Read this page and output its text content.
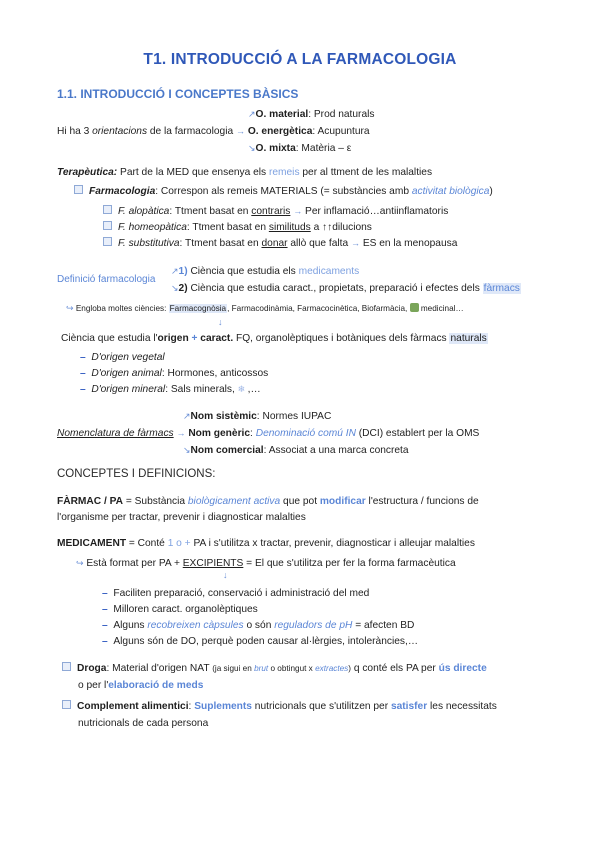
T1. INTRODUCCIÓ A LA FARMACOLOGIA
1.1. INTRODUCCIÓ I CONCEPTES BÀSICS
↗O. material: Prod naturals
Hi ha 3 orientacions de la farmacologia → O. energètica: Acupuntura
↘O. mixta: Matèria – ε
Terapèutica: Part de la MED que ensenya els remeis per al ttment de les malalties
Farmacologia: Correspon als remeis MATERIALS (= substàncies amb activitat biològica)
F. alopàtica: Ttment basat en contraris → Per inflamació…antiinflamatoris
F. homeopàtica: Ttment basat en similituds a ↑↑dilucions
F. substitutiva: Ttment basat en donar allò que falta → ES en la menopausa
Definició farmacologia
↗1) Ciència que estudia els medicaments
↘2) Ciència que estudia caract., propietats, preparació i efectes dels fàrmacs
↪ Engloba moltes ciències: Farmacognòsia, Farmacodinàmia, Farmacocinètica, Biofarmàcia,  medicinal…
↓
Ciència que estudia l'origen + caract. FQ, organolèptiques i botàniques dels fàrmacs naturals
– D'origen vegetal
– D'origen animal: Hormones, anticossos
– D'origen mineral: Sals minerals, ❄ ,…
↗Nom sistèmic: Normes IUPAC
Nomenclatura de fàrmacs → Nom genèric: Denominació comú IN (DCI) establert per la OMS
↘Nom comercial: Associat a una marca concreta
CONCEPTES I DEFINICIONS:
FÀRMAC / PA = Substància biològicament activa que pot modificar l'estructura / funcions de
l'organisme per tractar, prevenir i diagnosticar malalties
MEDICAMENT = Conté 1 o + PA i s'utilitza x tractar, prevenir, diagnosticar i alleujar malalties
↪ Està format per PA + EXCIPIENTS = El que s'utilitza per fer la forma farmacèutica
↓
– Faciliten preparació, conservació i administració del med
– Milloren caract. organolèptiques
– Alguns recobreixen càpsules o són reguladors de pH = afecten BD
– Alguns són de DO, perquè poden causar al·lèrgies, intoleràncies,…
Droga: Material d'origen NAT (ja sigui en brut o obtingut x extractes) q conté els PA per ús directe
o per l'elaboració de meds
Complement alimentici: Suplements nutricionals que s'utilitzen per satisfer les necessitats
nutricionals de cada persona
